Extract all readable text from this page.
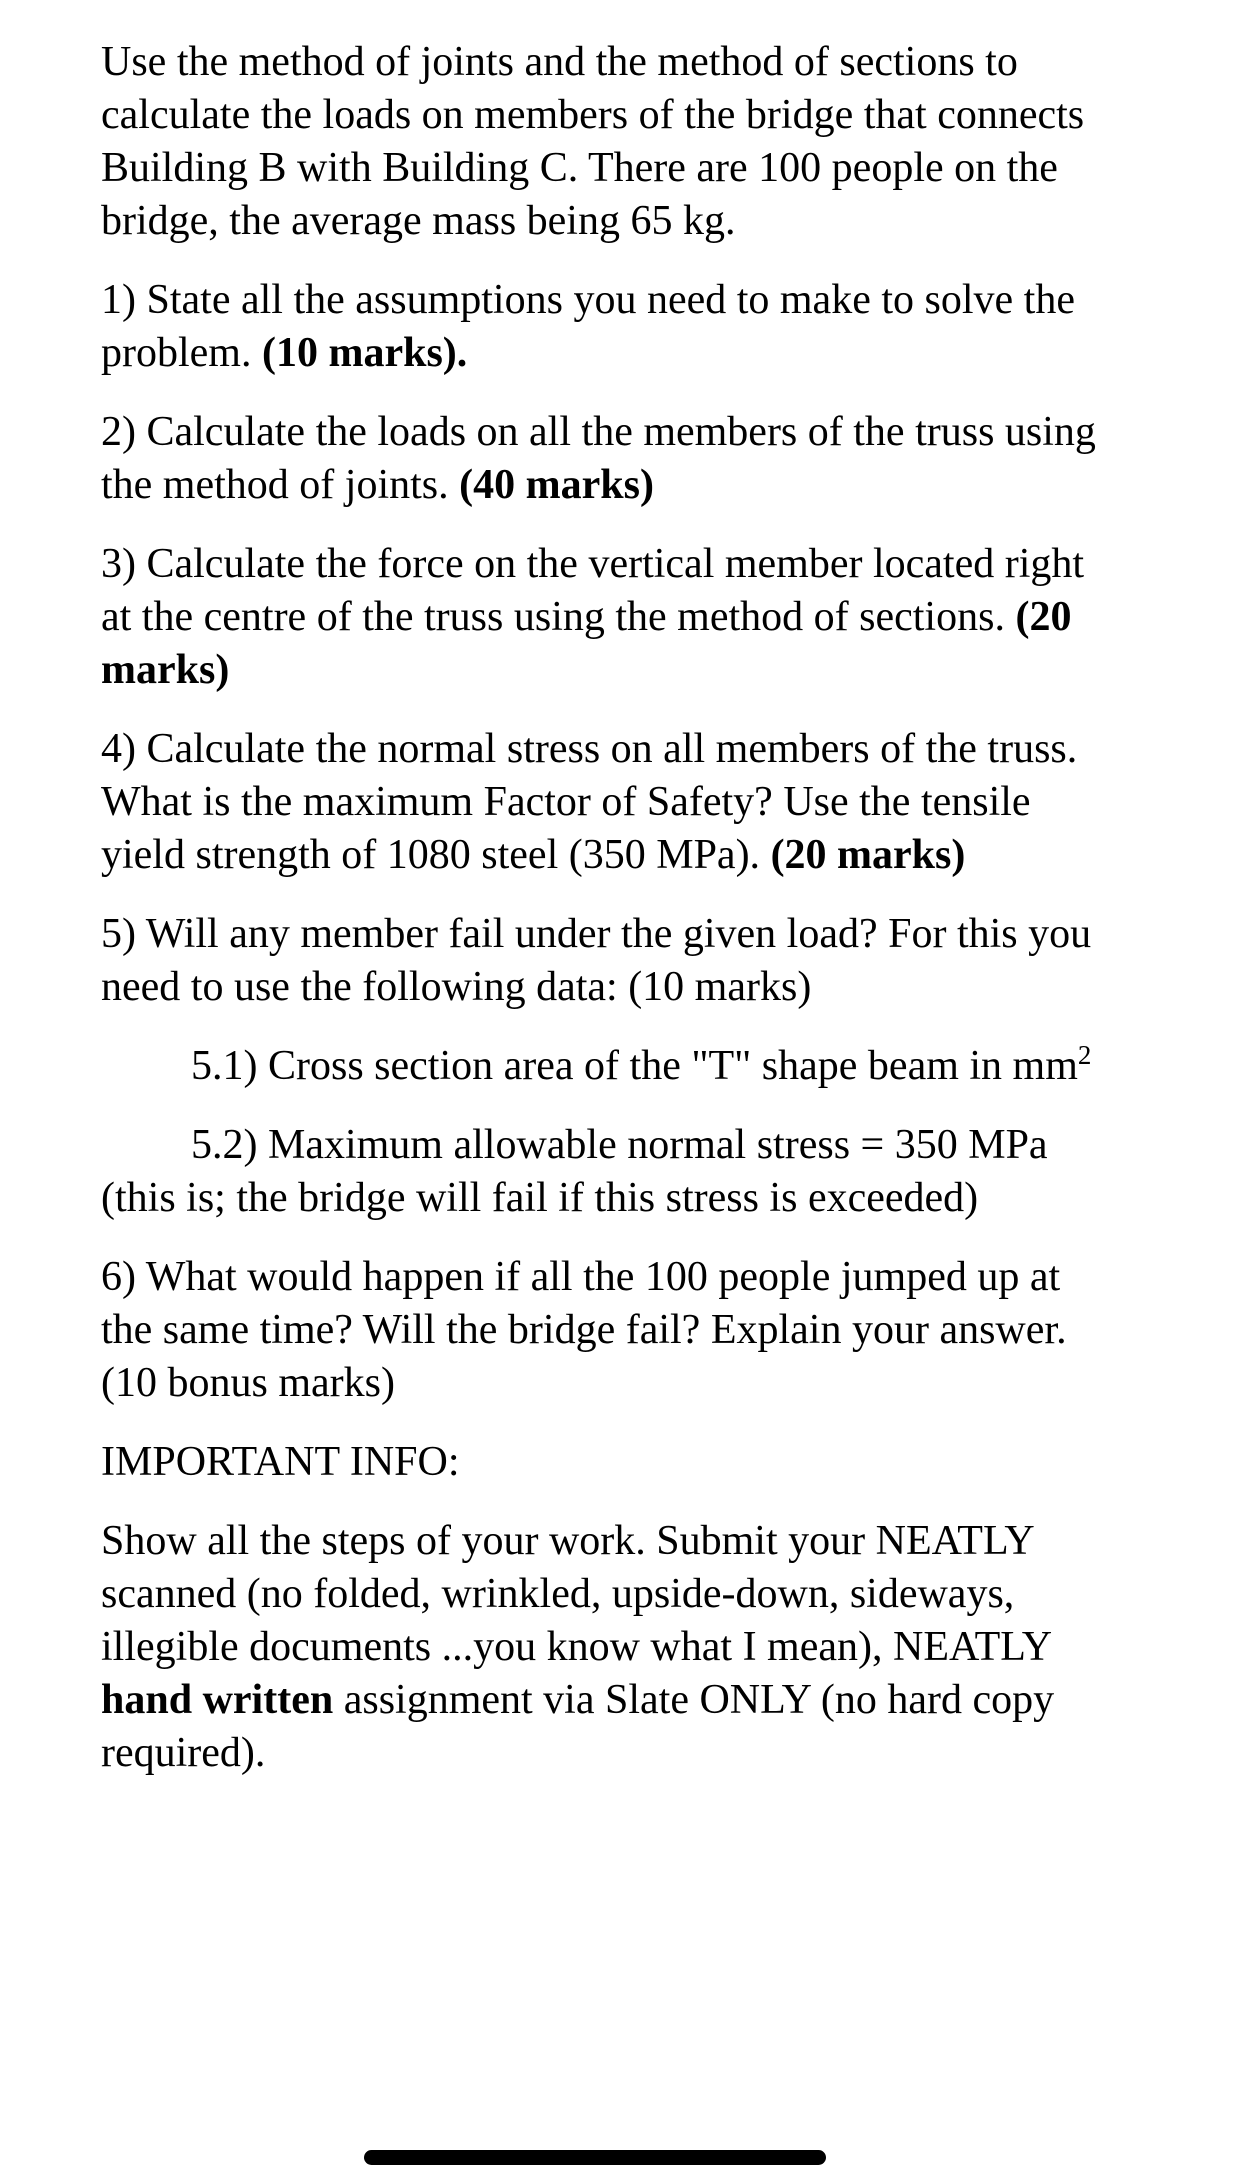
Use the method of joints and the method of sections to calculate the loads on members of the bridge that connects Building B with Building C. There are 100 people on the bridge, the average mass being 65 kg.

1) State all the assumptions you need to make to solve the problem. (10 marks).

2) Calculate the loads on all the members of the truss using the method of joints. (40 marks)

3) Calculate the force on the vertical member located right at the centre of the truss using the method of sections. (20 marks)

4) Calculate the normal stress on all members of the truss. What is the maximum Factor of Safety? Use the tensile yield strength of 1080 steel (350 MPa). (20 marks)

5) Will any member fail under the given load? For this you need to use the following data: (10 marks)

5.1) Cross section area of the "T" shape beam in $mm^2$

5.2) Maximum allowable normal stress = 350 MPa (this is; the bridge will fail if this stress is exceeded)

6) What would happen if all the 100 people jumped up at the same time? Will the bridge fail? Explain your answer. (10 bonus marks)

IMPORTANT INFO:

Show all the steps of your work. Submit your NEATLY scanned (no folded, wrinkled, upside-down, sideways, illegible documents ...you know what I mean), NEATLY hand written assignment via Slate ONLY (no hard copy required).
